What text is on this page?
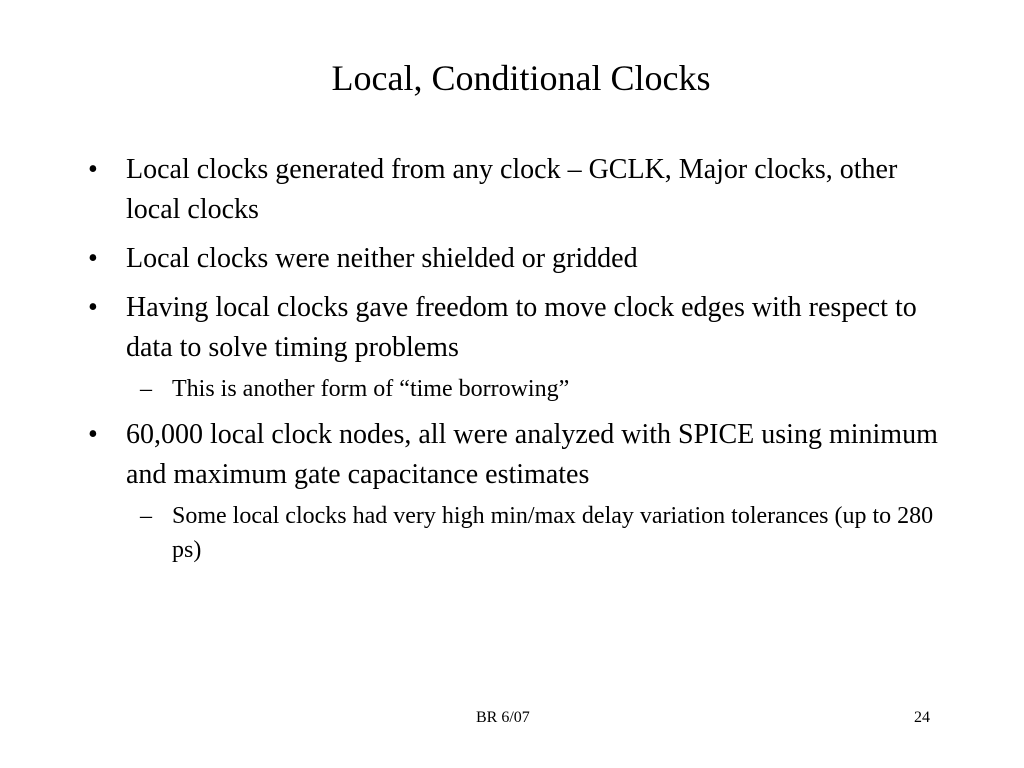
Local, Conditional Clocks
• Local clocks generated from any clock – GCLK, Major clocks, other local clocks
• Local clocks were neither shielded or gridded
• Having local clocks gave freedom to move clock edges with respect to data to solve timing problems
– This is another form of “time borrowing”
• 60,000 local clock nodes, all were analyzed with SPICE using minimum and maximum gate capacitance estimates
– Some local clocks had very high min/max delay variation tolerances (up to 280 ps)
BR 6/07	24
